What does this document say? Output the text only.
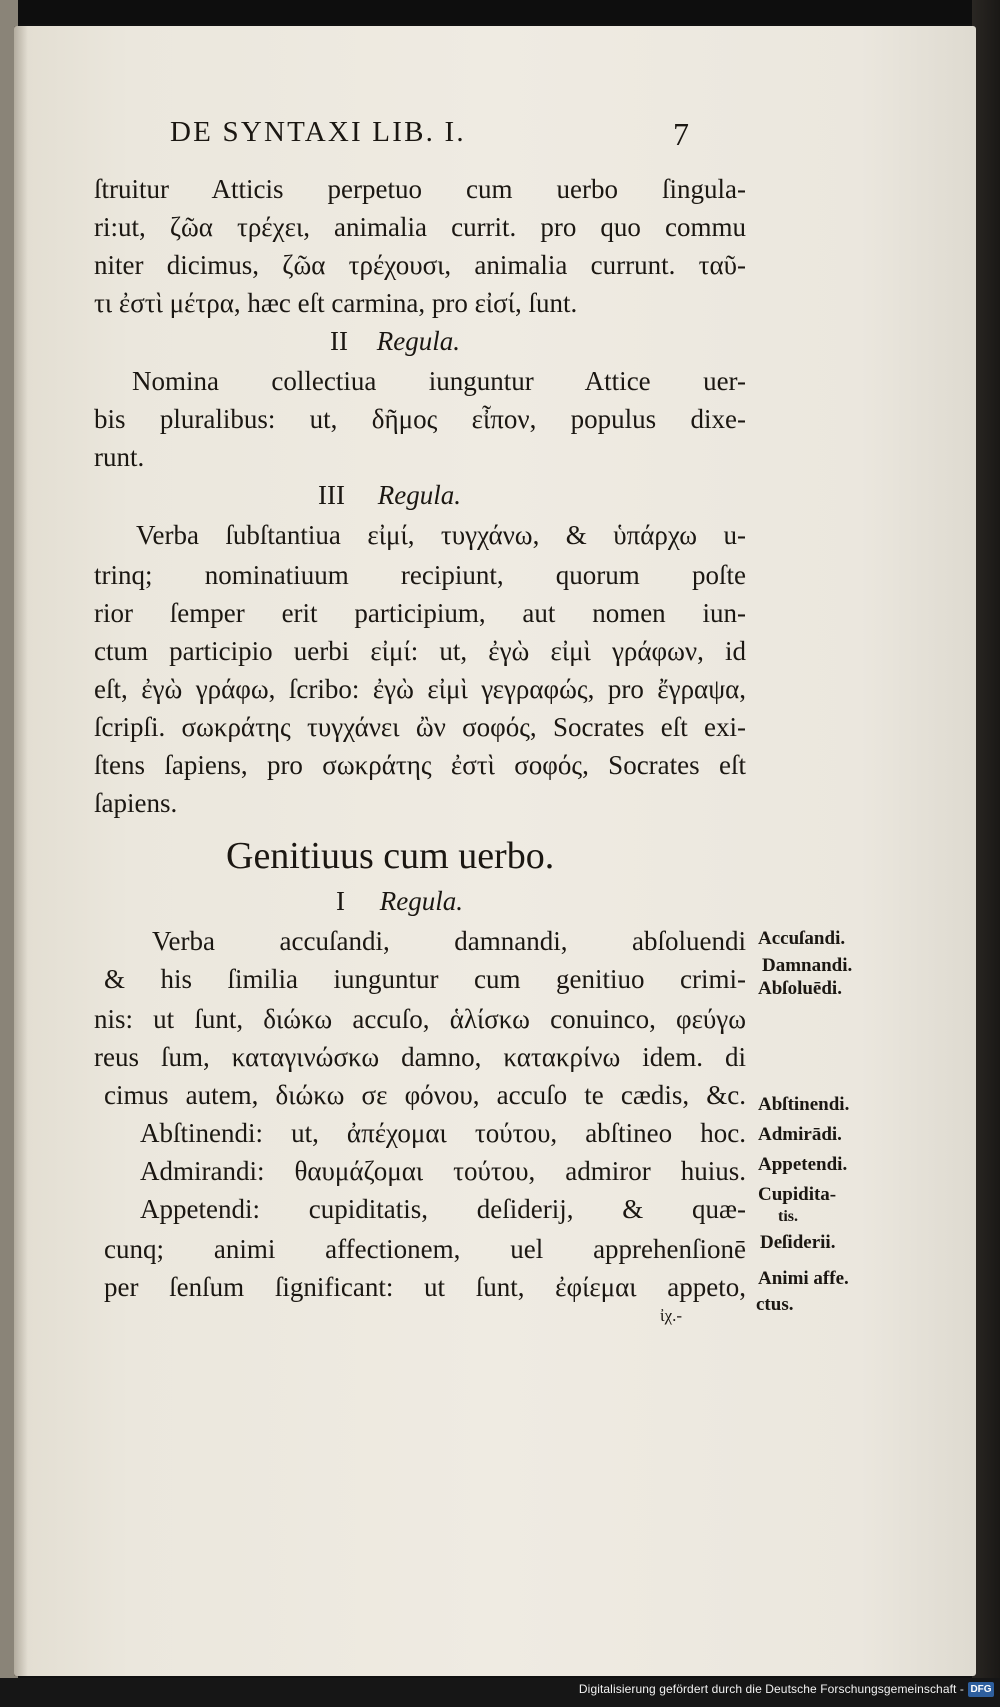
DE SYNTAXI LIB. I.	7
ſtruitur Atticis perpetuo cum uerbo ſingula-
ri:ut, ζῶα τρέχει, animalia currit. pro quo commu
niter dicimus, ζῶα τρέχουσι, animalia currunt. ταῦ-
τι ἐστὶ μέτρα, hæc eſt carmina, pro εἰσί, ſunt.
II Regula.
Nomina collectiua iunguntur Attice uer-
bis pluralibus: ut, δῆμος εἶπον, populus dixe-
runt.
III Regula.
Verba ſubſtantiua εἰμί, τυγχάνω, & ὑπάρχω u-
trinq; nominatiuum recipiunt, quorum poſte
rior ſemper erit participium, aut nomen iun-
ctum participio uerbi εἰμί: ut, ἐγὼ εἰμὶ γράφων, id
eſt, ἐγὼ γράφω, ſcribo: ἐγὼ εἰμὶ γεγραφώς, pro ἔγραψα,
ſcripſi. σωκράτης τυγχάνει ὢν σοφός, Socrates eſt exi-
ſtens ſapiens, pro σωκράτης ἐστὶ σοφός, Socrates eſt
ſapiens.
Genitiuus cum uerbo.
I Regula.
Verba accuſandi, damnandi, abſoluendi
& his ſimilia iunguntur cum genitiuo crimi-
nis: ut ſunt, διώκω accuſo, ἁλίσκω conuinco, φεύγω
reus ſum, καταγινώσκω damno, κατακρίνω idem. di
cimus autem, διώκω σε φόνου, accuſo te cædis, &c.
Abſtinendi: ut, ἀπέχομαι τούτου, abſtineo hoc.
Admirandi: θαυμάζομαι τούτου, admiror huius.
Appetendi: cupiditatis, deſiderij, & quæ-
cunq; animi affectionem, uel apprehenſionē
per ſenſum ſignificant: ut ſunt, ἐφίεμαι appeto,
ἰχ.-
Accuſandi.
Damnandi.
Abſoluēdi.
Abſtinendi.
Admirādi.
Appetendi.
Cupidita-
tis.
Deſiderii.
Animi affe.
ctus.
Digitalisierung gefördert durch die Deutsche Forschungsgemeinschaft - DFG
